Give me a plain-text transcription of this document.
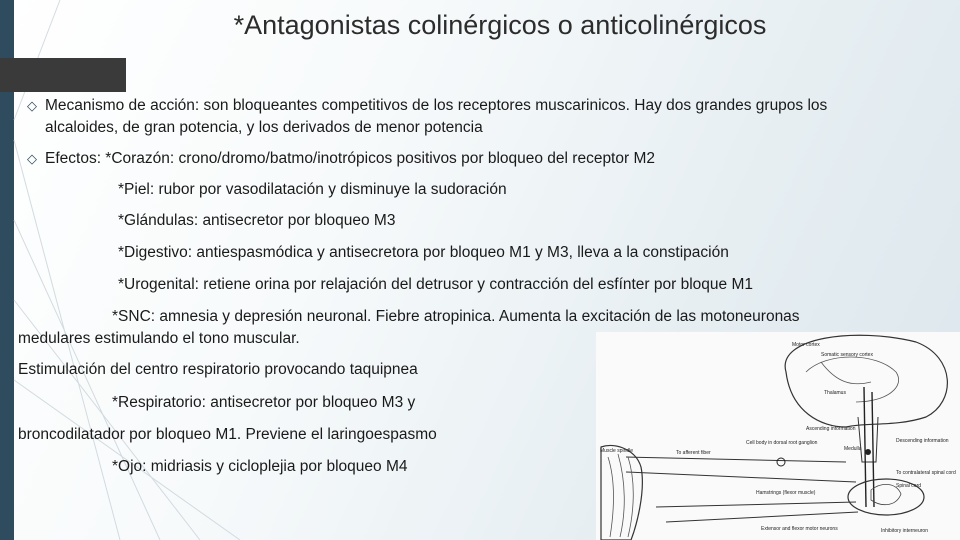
*Antagonistas colinérgicos o anticolinérgicos
◇ Mecanismo de acción: son bloqueantes competitivos de los receptores muscarinicos. Hay dos grandes grupos los
alcaloides, de gran potencia, y los derivados de menor potencia
◇ Efectos: *Corazón: crono/dromo/batmo/inotrópicos positivos por bloqueo del receptor M2
*Piel: rubor por vasodilatación y disminuye la sudoración
*Glándulas: antisecretor por bloqueo M3
*Digestivo: antiespasmódica y antisecretora por bloqueo M1 y M3, lleva a la constipación
*Urogenital: retiene orina por relajación del detrusor y contracción del esfínter por bloque M1
*SNC: amnesia y depresión neuronal. Fiebre atropinica. Aumenta la excitación de las motoneuronas
medulares estimulando el tono muscular.
Estimulación del centro respiratorio provocando taquipnea
*Respiratorio: antisecretor por bloqueo M3 y
broncodilatador por bloqueo M1. Previene el laringoespasmo
*Ojo: midriasis y cicloplejia por bloqueo M4
Motor cortex
Somatic sensory cortex
Thalamus
Medulla
Descending information
Ascending information
Cell body in dorsal root ganglion
To afferent fiber
Muscle spindle
To contralateral spinal cord
Spinal cord
Hamstrings (flexor muscle)
Extensor and flexor motor neurons	Inhibitory interneuron
